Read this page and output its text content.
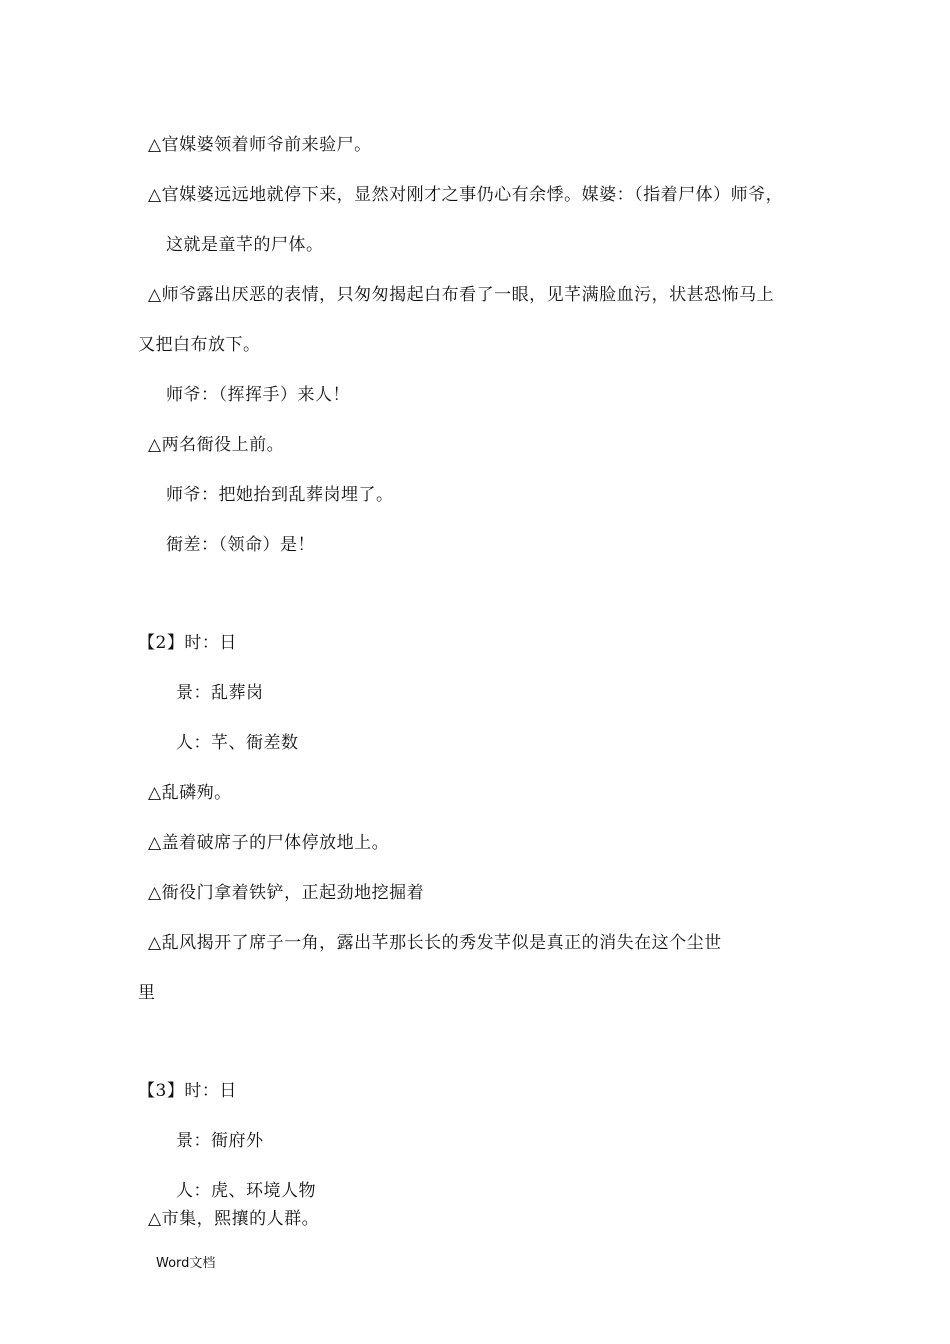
△官媒婆领着师爷前来验尸。
△官媒婆远远地就停下来，显然对刚才之事仍心有余悸。媒婆：（指着尸体）师爷，
这就是童芊的尸体。
△师爷露出厌恶的表情，只匆匆揭起白布看了一眼，见芊满脸血污，状甚恐怖马上
又把白布放下。
师爷：（挥挥手）来人！
△两名衙役上前。
师爷：把她抬到乱葬岗埋了。
衙差：（领命）是！
【2】时：日
景：乱葬岗
人：芊、衙差数
△乱磷殉。
△盖着破席子的尸体停放地上。
△衙役门拿着铁铲，正起劲地挖掘着
△乱风揭开了席子一角，露出芊那长长的秀发芊似是真正的消失在这个尘世
里
【3】时：日
景：衙府外
人：虎、环境人物
△市集，熙攘的人群。
Word文档
